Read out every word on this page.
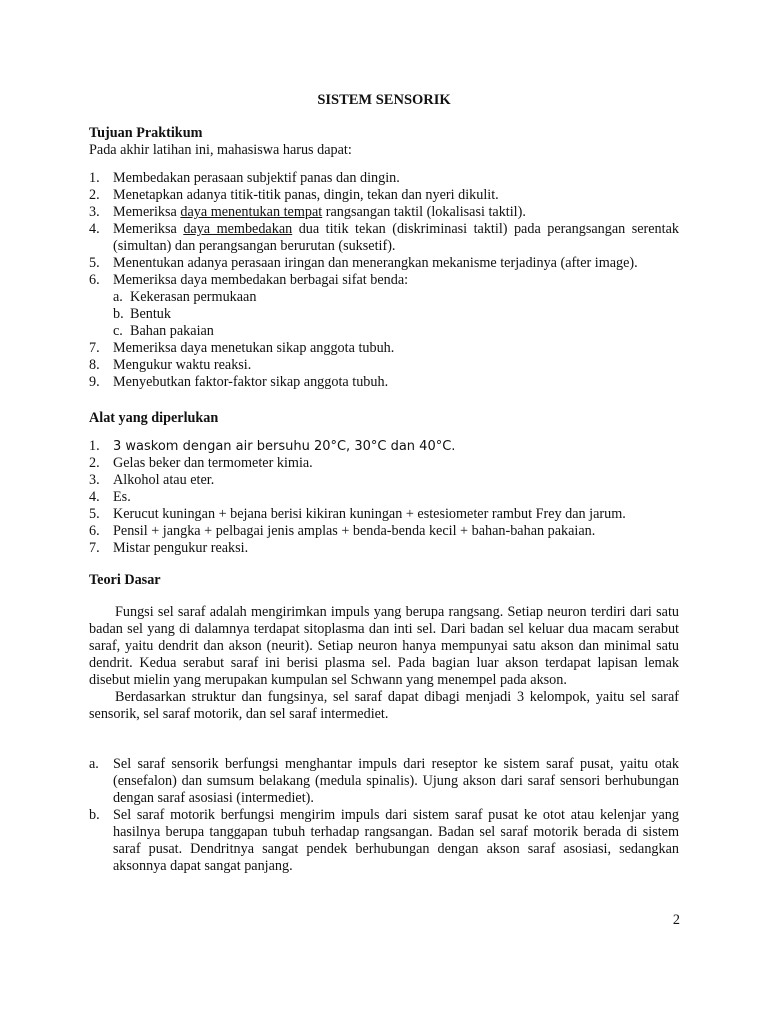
SISTEM SENSORIK

Tujuan Praktikum

Pada akhir latihan ini, mahasiswa harus dapat:

1. Membedakan perasaan subjektif panas dan dingin.
2. Menetapkan adanya titik-titik panas, dingin, tekan dan nyeri dikulit.
3. Memeriksa daya menentukan tempat rangsangan taktil (lokalisasi taktil).
4. Memeriksa daya membedakan dua titik tekan (diskriminasi taktil) pada perangsangan serentak (simultan) dan perangsangan berurutan (suksetif).
5. Menentukan adanya perasaan iringan dan menerangkan mekanisme terjadinya (after image).
6. Memeriksa daya membedakan berbagai sifat benda:
a. Kekerasan permukaan
b. Bentuk
c. Bahan pakaian
7. Memeriksa daya menetukan sikap anggota tubuh.
8. Mengukur waktu reaksi.
9. Menyebutkan faktor-faktor sikap anggota tubuh.

Alat yang diperlukan

1. 3 waskom dengan air bersuhu 20°C, 30°C dan 40°C.
2. Gelas beker dan termometer kimia.
3. Alkohol atau eter.
4. Es.
5. Kerucut kuningan + bejana berisi kikiran kuningan + estesiometer rambut Frey dan jarum.
6. Pensil + jangka + pelbagai jenis amplas + benda-benda kecil + bahan-bahan pakaian.
7. Mistar pengukur reaksi.

Teori Dasar

Fungsi sel saraf adalah mengirimkan impuls yang berupa rangsang. Setiap neuron terdiri dari satu badan sel yang di dalamnya terdapat sitoplasma dan inti sel. Dari badan sel keluar dua macam serabut saraf, yaitu dendrit dan akson (neurit). Setiap neuron hanya mempunyai satu akson dan minimal satu dendrit. Kedua serabut saraf ini berisi plasma sel. Pada bagian luar akson terdapat lapisan lemak disebut mielin yang merupakan kumpulan sel Schwann yang menempel pada akson.

Berdasarkan struktur dan fungsinya, sel saraf dapat dibagi menjadi 3 kelompok, yaitu sel saraf sensorik, sel saraf motorik, dan sel saraf intermediet.

a. Sel saraf sensorik berfungsi menghantar impuls dari reseptor ke sistem saraf pusat, yaitu otak (ensefalon) dan sumsum belakang (medula spinalis). Ujung akson dari saraf sensori berhubungan dengan saraf asosiasi (intermediet).
b. Sel saraf motorik berfungsi mengirim impuls dari sistem saraf pusat ke otot atau kelenjar yang hasilnya berupa tanggapan tubuh terhadap rangsangan. Badan sel saraf motorik berada di sistem saraf pusat. Dendritnya sangat pendek berhubungan dengan akson saraf asosiasi, sedangkan aksonnya dapat sangat panjang.
2
